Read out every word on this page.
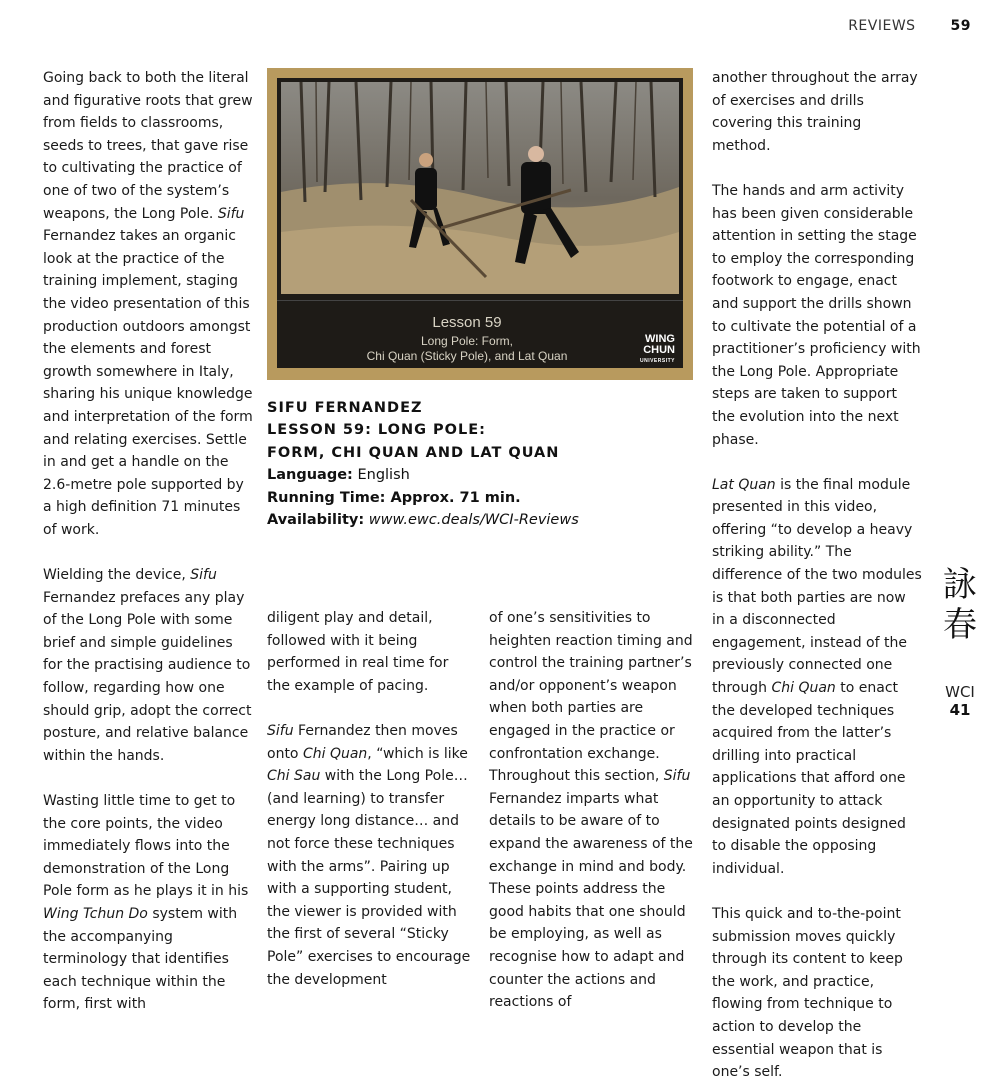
REVIEWS 59

Going back to both the literal and figurative roots that grew from fields to classrooms, seeds to trees, that gave rise to cultivating the practice of one of two of the system’s weapons, the Long Pole. Sifu Fernandez takes an organic look at the practice of the training implement, staging the video presentation of this production outdoors amongst the elements and forest growth somewhere in Italy, sharing his unique knowledge and interpretation of the form and relating exercises. Settle in and get a handle on the 2.6-metre pole supported by a high definition 71 minutes of work.

Wielding the device, Sifu Fernandez prefaces any play of the Long Pole with some brief and simple guidelines for the practising audience to follow, regarding how one should grip, adopt the correct posture, and relative balance within the hands.

Wasting little time to get to the core points, the video immediately flows into the demonstration of the Long Pole form as he plays it in his Wing Tchun Do system with the accompanying terminology that identifies each technique within the form, first with

Lesson 59
Long Pole: Form,
Chi Quan (Sticky Pole), and Lat Quan
WING
CHUN
UNIVERSITY
SIFU FERNANDEZ
LESSON 59: LONG POLE:
FORM, CHI QUAN AND LAT QUAN
Language: English
Running Time: Approx. 71 min.
Availability: www.ewc.deals/WCI-Reviews

diligent play and detail, followed with it being performed in real time for the example of pacing.

Sifu Fernandez then moves onto Chi Quan, “which is like Chi Sau with the Long Pole… (and learning) to transfer energy long distance… and not force these techniques with the arms”. Pairing up with a supporting student, the viewer is provided with the first of several “Sticky Pole” exercises to encourage the development

of one’s sensitivities to heighten reaction timing and control the training partner’s and/or opponent’s weapon when both parties are engaged in the practice or confrontation exchange. Throughout this section, Sifu Fernandez imparts what details to be aware of to expand the awareness of the exchange in mind and body. These points address the good habits that one should be employing, as well as recognise how to adapt and counter the actions and reactions of

another throughout the array of exercises and drills covering this training method.

The hands and arm activity has been given considerable attention in setting the stage to employ the corresponding footwork to engage, enact and support the drills shown to cultivate the potential of a practitioner’s proficiency with the Long Pole. Appropriate steps are taken to support the evolution into the next phase.

Lat Quan is the final module presented in this video, offering “to develop a heavy striking ability.” The difference of the two modules is that both parties are now in a disconnected engagement, instead of the previously connected one through Chi Quan to enact the developed techniques acquired from the latter’s drilling into practical applications that afford one an opportunity to attack designated points designed to disable the opposing individual.

This quick and to-the-point submission moves quickly through its content to keep the work, and practice, flowing from technique to action to develop the essential weapon that is one’s self.

詠
春
WCI
41
